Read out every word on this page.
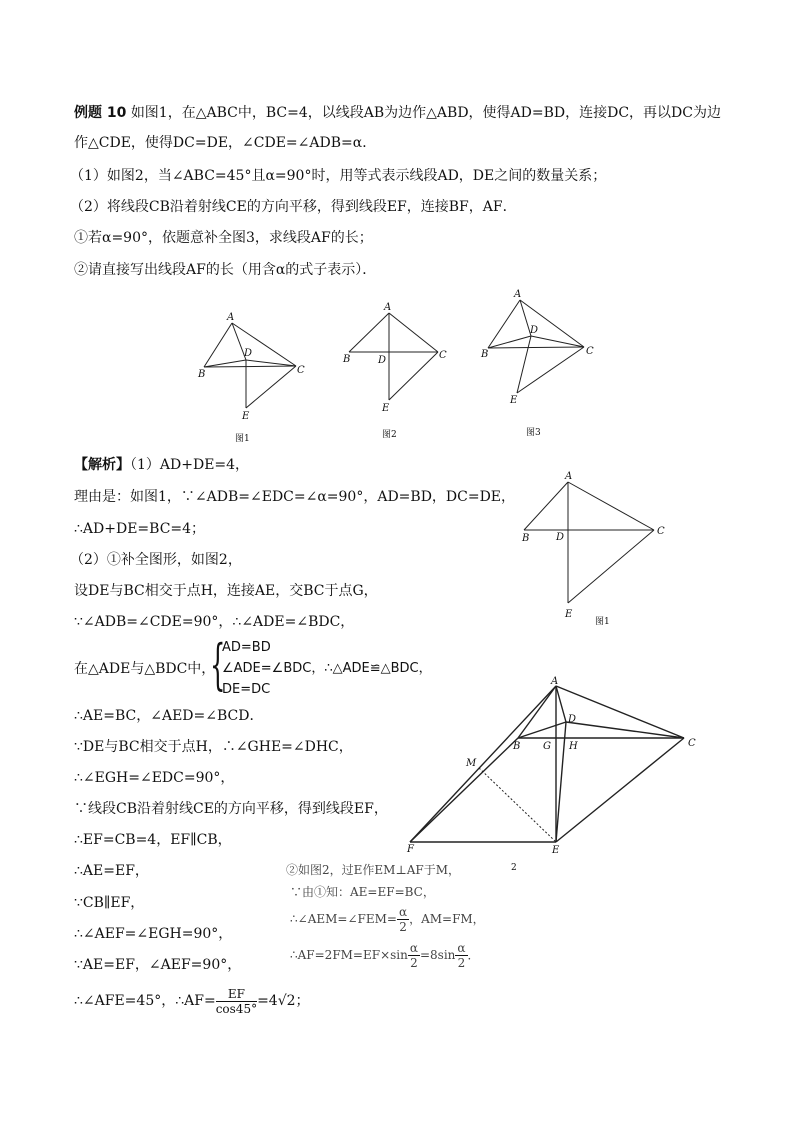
例题 10 如图1，在△ABC中，BC=4，以线段AB为边作△ABD，使得AD=BD，连接DC，再以DC为边
作△CDE，使得DC=DE，∠CDE=∠ADB=α．
（1）如图2，当∠ABC=45°且α=90°时，用等式表示线段AD，DE之间的数量关系；
（2）将线段CB沿着射线CE的方向平移，得到线段EF，连接BF，AF．
①若α=90°，依题意补全图3，求线段AF的长；
②请直接写出线段AF的长（用含α的式子表示）．
A
B	C
D
E
图1
A
B	C
D
E
图2
A
B	C
D
E
图3
A
B
C
D
E
图1
A
B	C
D
G H
M
E
F
2
【解析】（1）AD+DE=4，
理由是：如图1，∵∠ADB=∠EDC=∠α=90°，AD=BD，DC=DE，
∴AD+DE=BC=4；
（2）①补全图形，如图2，
设DE与BC相交于点H，连接AE，交BC于点G，
∵∠ADB=∠CDE=90°，∴∠ADE=∠BDC，
在△ADE与△BDC中，
{
AD=BD
∠ADE=∠BDC，∴△ADE≌△BDC，
DE=DC
∴AE=BC，∠AED=∠BCD．
∵DE与BC相交于点H，∴∠GHE=∠DHC，
∴∠EGH=∠EDC=90°，
∵线段CB沿着射线CE的方向平移，得到线段EF，
∴EF=CB=4，EF∥CB，
∴AE=EF，
∵CB∥EF，
∴∠AEF=∠EGH=90°，
∵AE=EF，∠AEF=90°，
∴∠AFE=45°，∴AF= $\frac{EF}{\cos 45^\circ} =4√2$；
②如图2，过E作EM⊥AF于M，
∵由①知：AE=EF=BC，
∴∠AEM=∠FEM= $\frac{\alpha}{2}$ ，AM=FM，
∴AF=2FM=EF×sin $\frac{\alpha}{2} =8\sin \frac{\alpha}{2}$ ．
